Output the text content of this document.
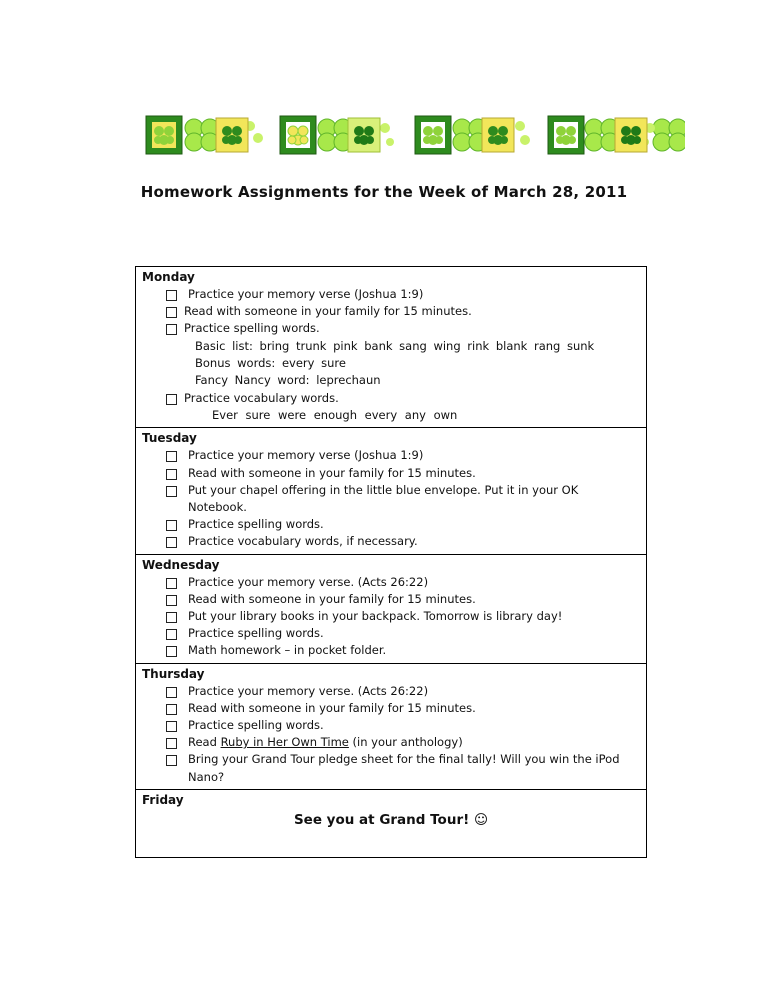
Homework Assignments for the Week of March 28, 2011
Monday
Practice your memory verse (Joshua 1:9)
Read with someone in your family for 15 minutes.
Practice spelling words.
Basic list: bring trunk pink bank sang wing rink blank rang sunk
Bonus words: every sure
Fancy Nancy word: leprechaun
Practice vocabulary words.
Ever sure were enough every any own
Tuesday
Practice your memory verse (Joshua 1:9)
Read with someone in your family for 15 minutes.
Put your chapel offering in the little blue envelope. Put it in your OK Notebook.
Practice spelling words.
Practice vocabulary words, if necessary.
Wednesday
Practice your memory verse. (Acts 26:22)
Read with someone in your family for 15 minutes.
Put your library books in your backpack. Tomorrow is library day!
Practice spelling words.
Math homework – in pocket folder.
Thursday
Practice your memory verse. (Acts 26:22)
Read with someone in your family for 15 minutes.
Practice spelling words.
Read Ruby in Her Own Time (in your anthology)
Bring your Grand Tour pledge sheet for the final tally! Will you win the iPod Nano?
Friday
See you at Grand Tour! ☺
